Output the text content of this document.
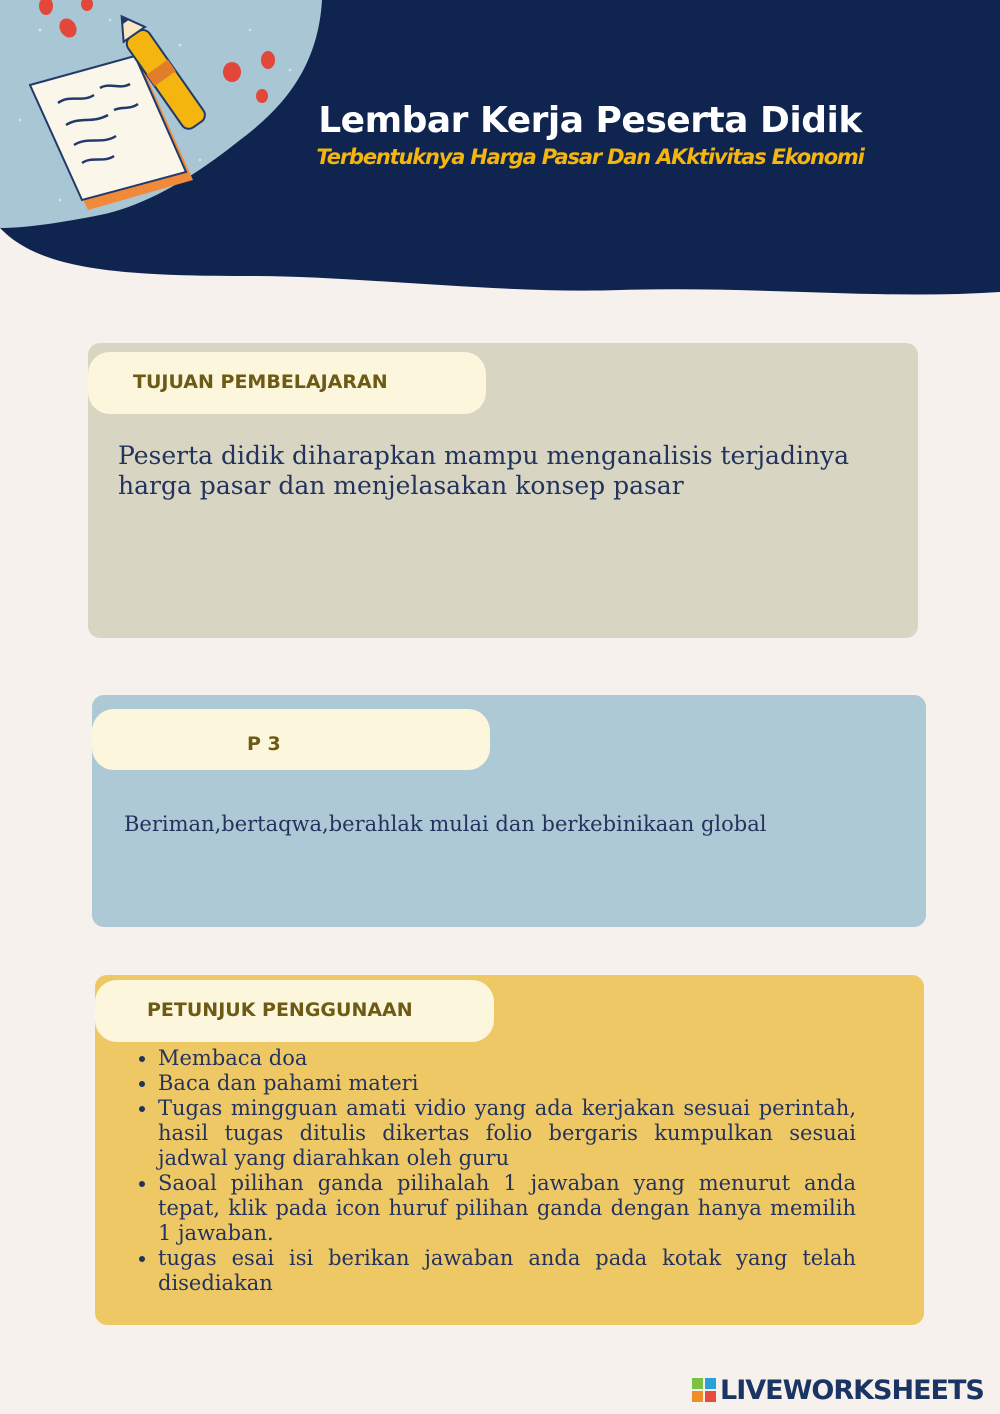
Lembar Kerja Peserta Didik
Terbentuknya Harga Pasar Dan AKktivitas Ekonomi
TUJUAN PEMBELAJARAN
Peserta didik diharapkan mampu menganalisis terjadinya harga pasar dan menjelasakan konsep pasar
P 3
Beriman,bertaqwa,berahlak mulai dan berkebinikaan global
PETUNJUK PENGGUNAAN
• Membaca doa
• Baca dan pahami materi
• Tugas mingguan amati vidio yang ada kerjakan sesuai perintah, hasil tugas ditulis dikertas folio bergaris kumpulkan sesuai jadwal yang diarahkan oleh guru
• Saoal pilihan ganda pilihalah 1 jawaban yang menurut anda tepat, klik pada icon huruf pilihan ganda dengan hanya memilih 1 jawaban.
• tugas esai isi berikan jawaban anda pada kotak yang telah disediakan
LIVEWORKSHEETS
